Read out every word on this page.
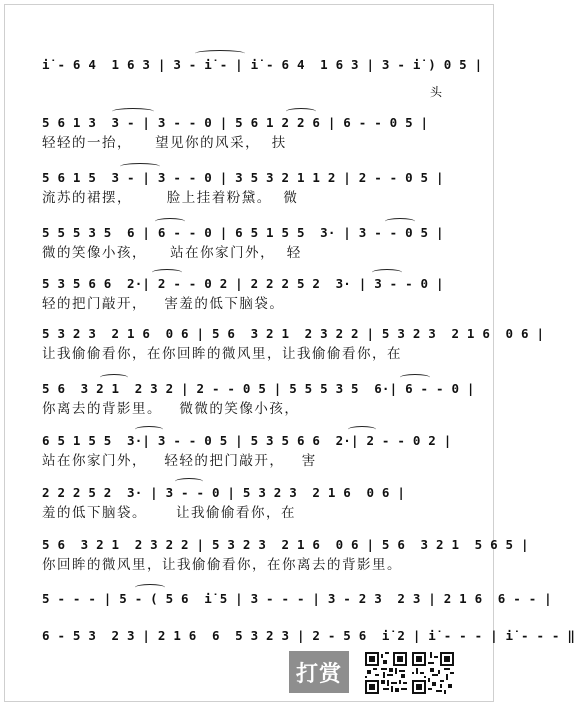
i̇ - 6 4  1 6 3 | 3 - i̇ - | i̇ - 6 4  1 6 3 | 3 - i̇ ) 0 5 |
5 6 1 3  3 - | 3 - - 0 | 5 6 1 2 2 6 | 6 - - 0 5 |
轻轻的一抬，    望见你的风采，  扶
5 6 1 5  3 - | 3 - - 0 | 3 5 3 2 1 1 2 | 2 - - 0 5 |
流苏的裙摆，      脸上挂着粉黛。  微
5 5 5 3 5  6 | 6 - - 0 | 6 5 1 5 5  3· | 3 - - 0 5 |
微的笑像小孩，    站在你家门外，  轻
5 3 5 6 6  2·| 2 - - 0 2 | 2 2 2 5 2  3· | 3 - - 0 |
轻的把门敲开，   害羞的低下脑袋。
5 3 2 3  2 1 6  0 6 | 5 6  3 2 1  2 3 2 2 | 5 3 2 3  2 1 6  0 6 |
让我偷偷看你，在你回眸的微风里，让我偷偷看你，在
5 6  3 2 1  2 3 2 | 2 - - 0 5 | 5 5 5 3 5  6·| 6 - - 0 |
你离去的背影里。   微微的笑像小孩，
6 5 1 5 5  3·| 3 - - 0 5 | 5 3 5 6 6  2·| 2 - - 0 2 |
站在你家门外，   轻轻的把门敲开，   害
2 2 2 5 2  3· | 3 - - 0 | 5 3 2 3  2 1 6  0 6 |
羞的低下脑袋。     让我偷偷看你，在
5 6  3 2 1  2 3 2 2 | 5 3 2 3  2 1 6  0 6 | 5 6  3 2 1  5 6 5 |
你回眸的微风里，让我偷偷看你，在你离去的背影里。
5 - - - | 5 - ( 5 6  i̇ 5 | 3 - - - | 3 - 2 3  2 3 | 2 1 6  6 - - |
6 - 5 3  2 3 | 2 1 6  6  5 3 2 3 | 2 - 5 6  i̇ 2 | i̇ - - - | i̇ - - - ‖
头
打赏
